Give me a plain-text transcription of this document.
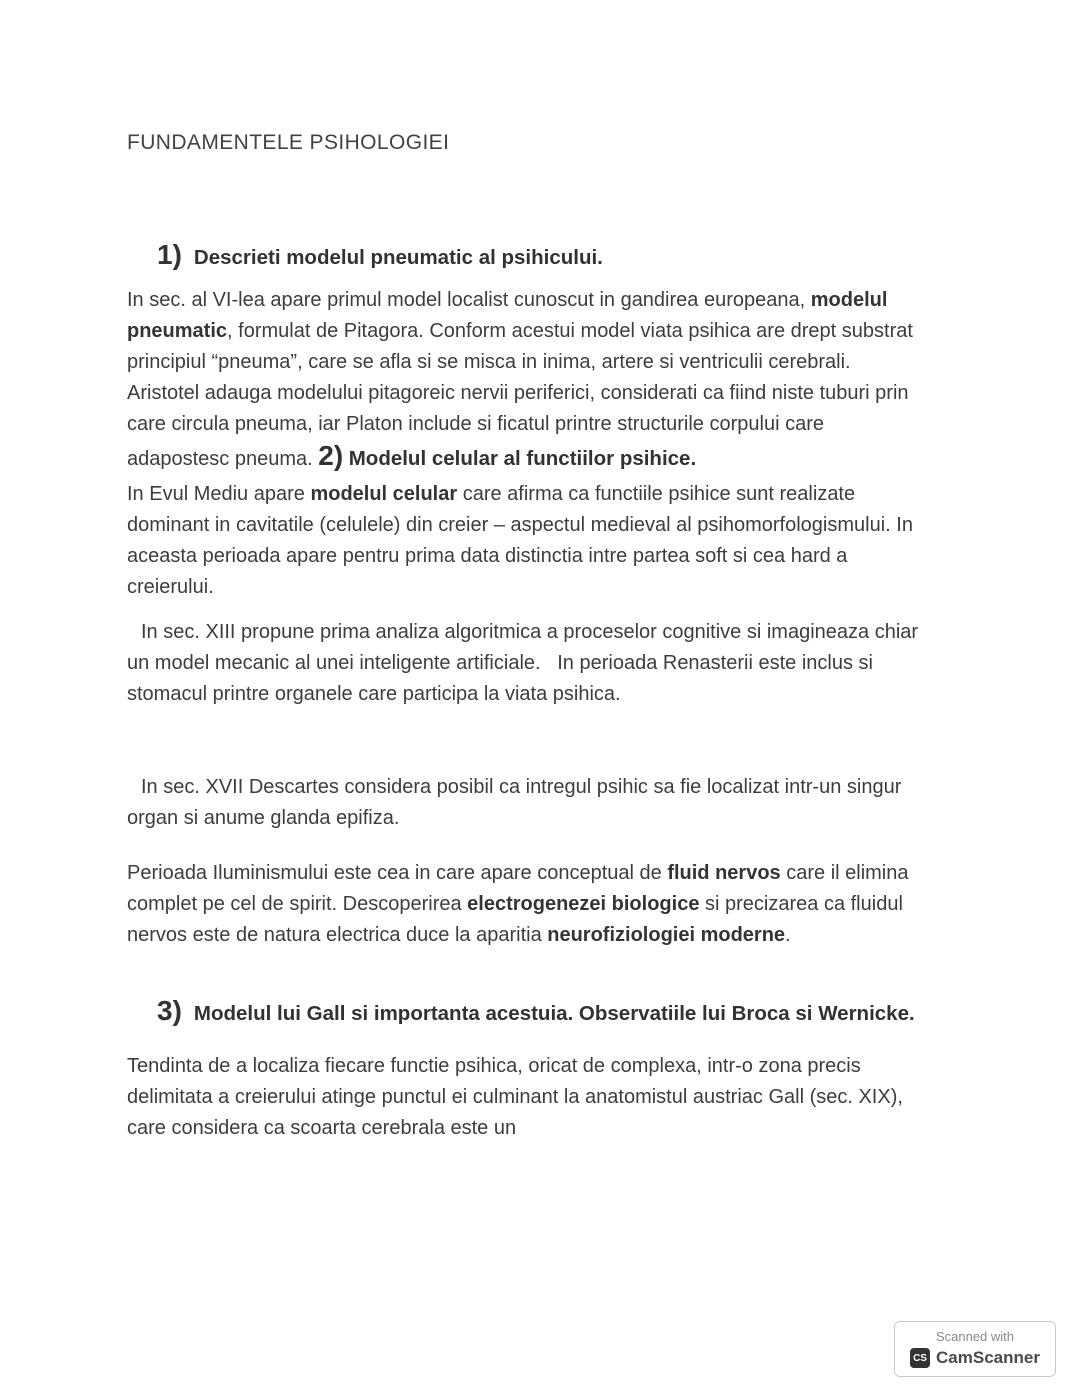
FUNDAMENTELE PSIHOLOGIEI
1) Descrieti modelul pneumatic al psihicului.

In sec. al VI-lea apare primul model localist cunoscut in gandirea europeana, modelul pneumatic, formulat de Pitagora. Conform acestui model viata psihica are drept substrat principiul “pneuma”, care se afla si se misca in inima, artere si ventriculii cerebrali. Aristotel adauga modelului pitagoreic nervii periferici, considerati ca fiind niste tuburi prin care circula pneuma, iar Platon include si ficatul printre structurile corpului care adapostesc pneuma. 2) Modelul celular al functiilor psihice.

In Evul Mediu apare modelul celular care afirma ca functiile psihice sunt realizate dominant in cavitatile (celulele) din creier – aspectul medieval al psihomorfologismului. In aceasta perioada apare pentru prima data distinctia intre partea soft si cea hard a creierului.

In sec. XIII propune prima analiza algoritmica a proceselor cognitive si imagineaza chiar un model mecanic al unei inteligente artificiale.   In perioada Renasterii este inclus si stomacul printre organele care participa la viata psihica.

In sec. XVII Descartes considera posibil ca intregul psihic sa fie localizat intr-un singur organ si anume glanda epifiza.

Perioada Iluminismului este cea in care apare conceptual de fluid nervos care il elimina complet pe cel de spirit. Descoperirea electrogenezei biologice si precizarea ca fluidul nervos este de natura electrica duce la aparitia neurofiziologiei moderne.

3) Modelul lui Gall si importanta acestuia. Observatiile lui Broca si Wernicke.

Tendinta de a localiza fiecare functie psihica, oricat de complexa, intr-o zona precis delimitata a creierului atinge punctul ei culminant la anatomistul austriac Gall (sec. XIX), care considera ca scoarta cerebrala este un

Scanned with
CS CamScanner
